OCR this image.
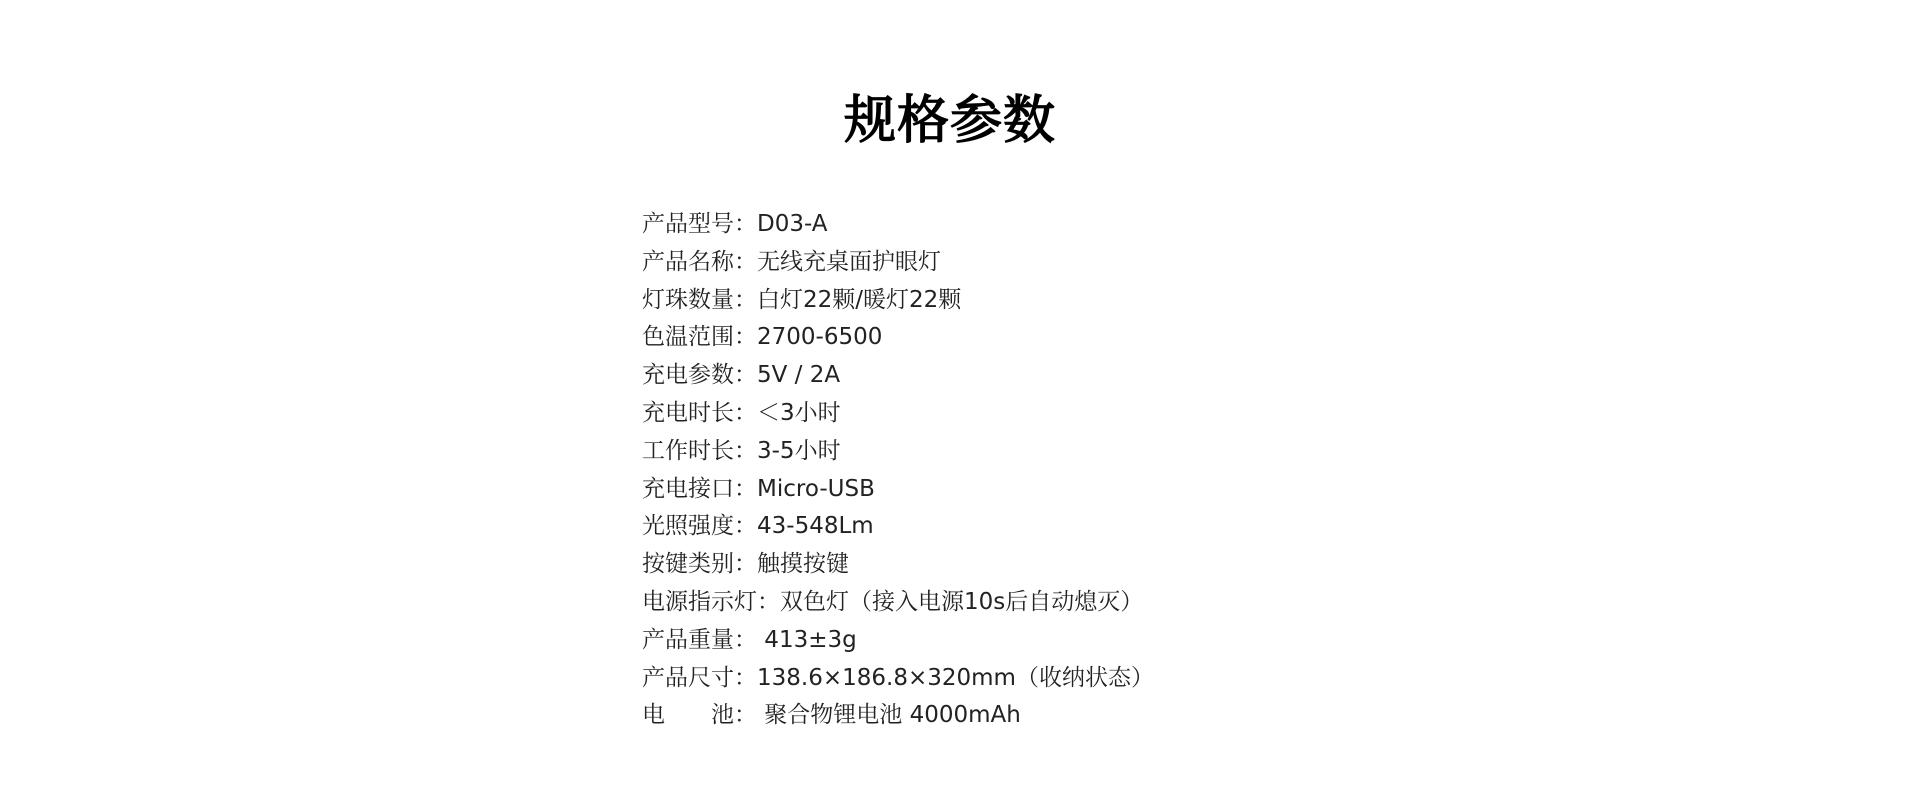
规格参数
产品型号：D03-A
产品名称：无线充桌面护眼灯
灯珠数量：白灯22颗/暖灯22颗
色温范围：2700-6500
充电参数：5V / 2A
充电时长：＜3小时
工作时长：3-5小时
充电接口：Micro-USB
光照强度：43-548Lm
按键类别：触摸按键
电源指示灯：双色灯（接入电源10s后自动熄灭）
产品重量： 413±3g
产品尺寸：138.6×186.8×320mm（收纳状态）
电　　池： 聚合物锂电池 4000mAh
